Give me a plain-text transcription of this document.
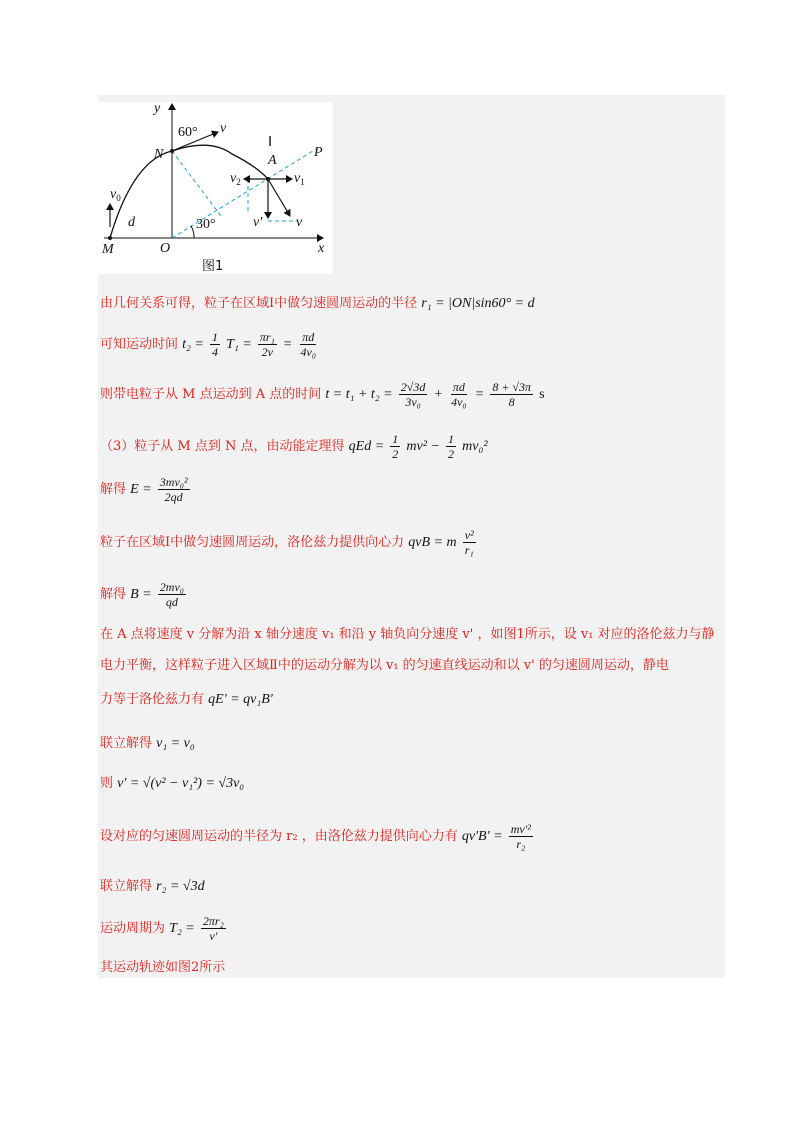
y
x
60° v
Ⅰ
N	A
P
$v_2$	$v_1$
$v_0$
d	30°	v' v
M	O
图1
由几何关系可得，粒子在区域Ⅰ中做匀速圆周运动的半径 r₁ = |ON|sin60° = d
可知运动时间 $t_2 = \frac{1}{4} T_1 = \frac{\text{πr₁}}{2v} = \frac{\pi d}{\text{4v₀}}$
则带电粒子从 M 点运动到 A 点的时间 $t = t_1 + t_2 = \frac{2√3d}{\text{3v₀}} + \frac{\pi d}{\text{4v₀}} = \frac{8 + √3\pi}{8}$ s
（3）粒子从 M 点到 N 点，由动能定理得 qEd = $\frac{1}{2} mv^2 - \frac{1}{2} mv_0^2$
解得 $E = \frac{\text{3mv₀²}}{2qd}$
粒子在区域Ⅰ中做匀速圆周运动，洛伦兹力提供向心力 qvB = m $\frac{\text{v²}}{\text{r₁}}$
解得 $B = \frac{\text{2mv₀}}{qd}$
在 A 点将速度 v 分解为沿 x 轴分速度 v₁ 和沿 y 轴负向分速度 v' ，如图1所示，设 v₁ 对应的洛伦兹力与静
电力平衡，这样粒子进入区域Ⅱ中的运动分解为以 v₁ 的匀速直线运动和以 v' 的匀速圆周运动，静电
力等于洛伦兹力有 qE' = qv₁B'
联立解得 v₁ = v₀
则 v' = √(v² − v₁²) = √3v₀
设对应的匀速圆周运动的半径为 r₂ ，由洛伦兹力提供向心力有 $qv'B' = \frac{\text{mv'²}}{\text{r₂}}$
联立解得 r₂ = √3d
运动周期为 $T_2 = \frac{\text{2πr₂}}{v'}$
其运动轨迹如图2所示
